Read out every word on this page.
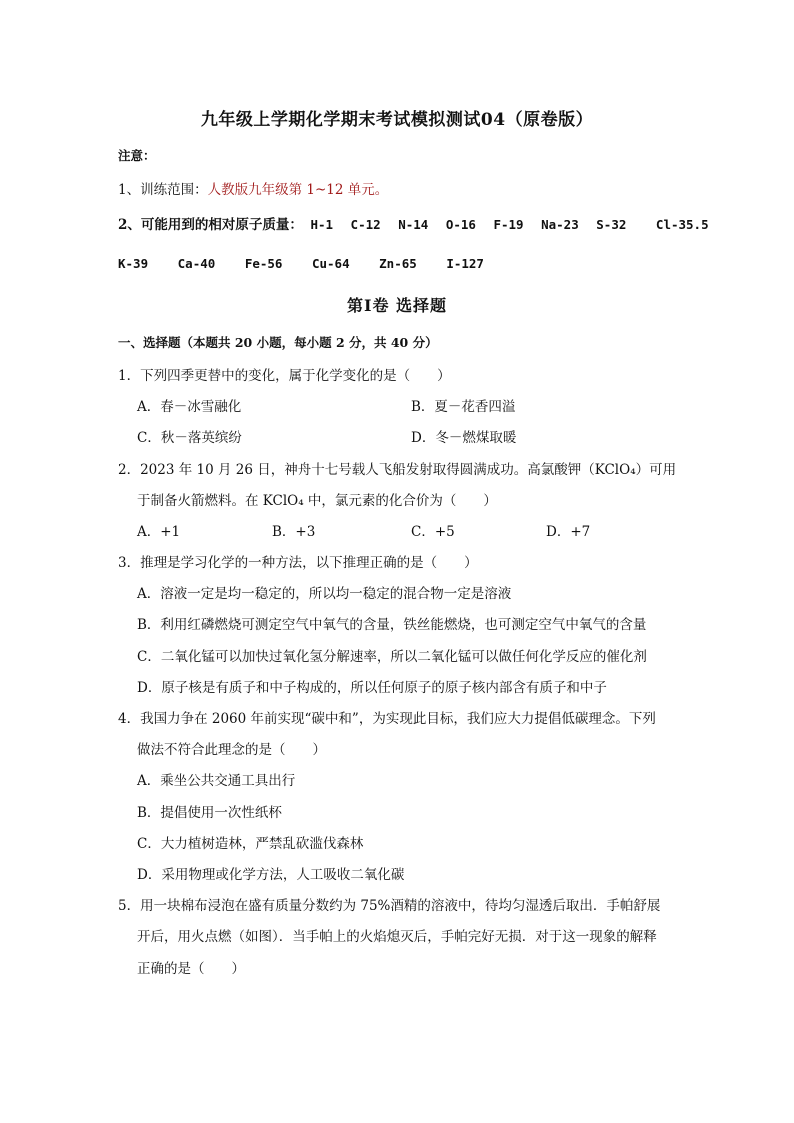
九年级上学期化学期末考试模拟测试04（原卷版）
注意：
1、训练范围：人教版九年级第 1~12 单元。
2、可能用到的相对原子质量： H-1 C-12 N-14 O-16 F-19 Na-23 S-32 Cl-35.5
K-39 Ca-40 Fe-56 Cu-64 Zn-65 I-127
第Ⅰ卷 选择题
一、选择题（本题共 20 小题，每小题 2 分，共 40 分）
1．下列四季更替中的变化，属于化学变化的是（　　）
A．春－冰雪融化	B．夏－花香四溢
C．秋－落英缤纷	D．冬－燃煤取暖
2．2023 年 10 月 26 日，神舟十七号载人飞船发射取得圆满成功。高氯酸钾（KClO₄）可用
于制备火箭燃料。在 KClO₄ 中，氯元素的化合价为（　　）
A．+1	B．+3	C．+5	D．+7
3．推理是学习化学的一种方法，以下推理正确的是（　　）
A．溶液一定是均一稳定的，所以均一稳定的混合物一定是溶液
B．利用红磷燃烧可测定空气中氧气的含量，铁丝能燃烧，也可测定空气中氧气的含量
C．二氧化锰可以加快过氧化氢分解速率，所以二氧化锰可以做任何化学反应的催化剂
D．原子核是有质子和中子构成的，所以任何原子的原子核内部含有质子和中子
4．我国力争在 2060 年前实现“碳中和”，为实现此目标，我们应大力提倡低碳理念。下列
做法不符合此理念的是（　　）
A．乘坐公共交通工具出行
B．提倡使用一次性纸杯
C．大力植树造林，严禁乱砍滥伐森林
D．采用物理或化学方法，人工吸收二氧化碳
5．用一块棉布浸泡在盛有质量分数约为 75%酒精的溶液中，待均匀湿透后取出．手帕舒展
开后，用火点燃（如图）．当手帕上的火焰熄灭后，手帕完好无损．对于这一现象的解释
正确的是（　　）
